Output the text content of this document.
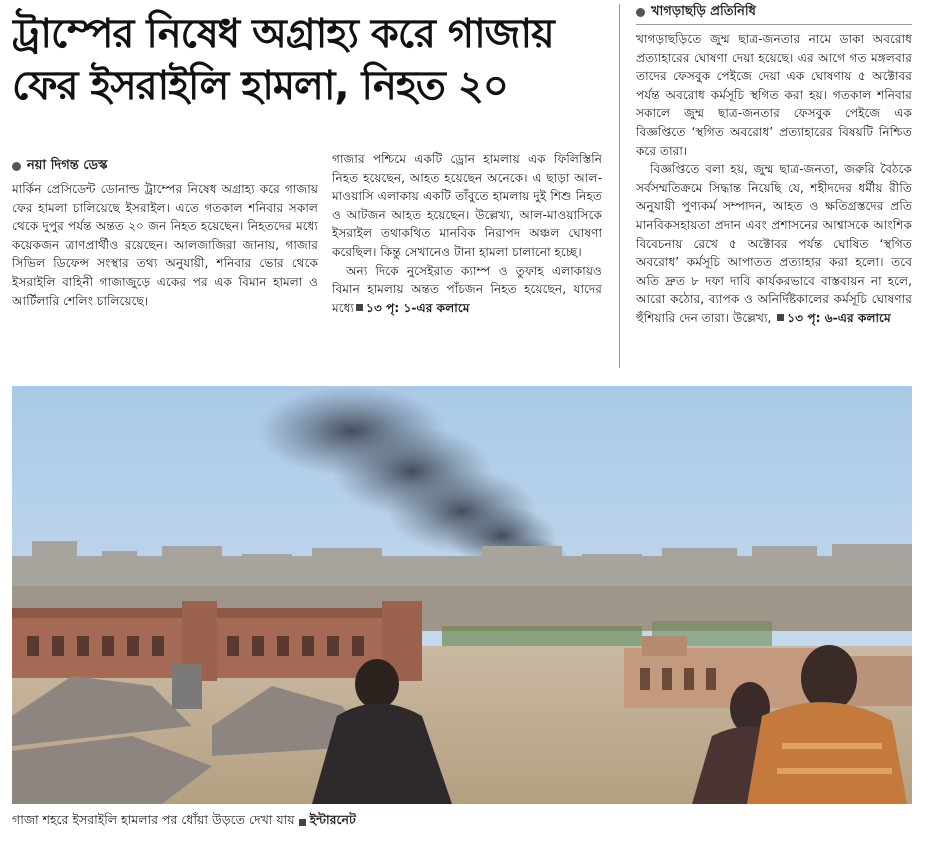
ট্রাম্পের নিষেধ অগ্রাহ্য করে গাজায়
ফের ইসরাইলি হামলা, নিহত ২০
নয়া দিগন্ত ডেস্ক

মার্কিন প্রেসিডেন্ট ডোনাল্ড ট্রাম্পের নিষেধ অগ্রাহ্য করে গাজায় ফের হামলা চালিয়েছে ইসরাইল। এতে গতকাল শনিবার সকাল থেকে দুপুর পর্যন্ত অন্তত ২০ জন নিহত হয়েছেন। নিহতদের মধ্যে কয়েকজন ত্রাণপ্রার্থীও রয়েছেন। আলজাজিরা জানায়, গাজার সিভিল ডিফেন্স সংস্থার তথ্য অনুযায়ী, শনিবার ভোর থেকে ইসরাইলি বাহিনী গাজাজুড়ে একের পর এক বিমান হামলা ও আর্টিলারি শেলিং চালিয়েছে।

গাজার পশ্চিমে একটি ড্রোন হামলায় এক ফিলিস্তিনি নিহত হয়েছেন, আহত হয়েছেন অনেকে। এ ছাড়া আল-মাওয়াসি এলাকায় একটি তাঁবুতে হামলায় দুই শিশু নিহত ও আটজন আহত হয়েছেন। উল্লেখ্য, আল-মাওয়াসিকে ইসরাইল তথাকথিত মানবিক নিরাপদ অঞ্চল ঘোষণা করেছিল। কিন্তু সেখানেও টানা হামলা চালানো হচ্ছে।

অন্য দিকে নুসেইরাত ক্যাম্প ও তুফাহ এলাকায়ও বিমান হামলায় অন্তত পাঁচজন নিহত হয়েছেন, যাদের মধ্যে ১৩ পৃ: ১-এর কলামে

খাগড়াছড়ি প্রতিনিধি

খাগড়াছড়িতে জুম্ম ছাত্র-জনতার নামে ডাকা অবরোধ প্রত্যাহারের ঘোষণা দেয়া হয়েছে। এর আগে গত মঙ্গলবার তাদের ফেসবুক পেইজে দেয়া এক ঘোষণায় ৫ অক্টোবর পর্যন্ত অবরোধ কর্মসূচি স্থগিত করা হয়। গতকাল শনিবার সকালে জুম্ম ছাত্র-জনতার ফেসবুক পেইজে এক বিজ্ঞপ্তিতে ‘স্থগিত অবরোধ’ প্রত্যাহারের বিষয়টি নিশ্চিত করে তারা।

বিজ্ঞপ্তিতে বলা হয়, জুম্ম ছাত্র-জনতা, জরুরি বৈঠকে সর্বসম্মতিক্রমে সিদ্ধান্ত নিয়েছি যে, শহীদদের ধর্মীয় রীতি অনুযায়ী পুণ্যকর্ম সম্পাদন, আহত ও ক্ষতিগ্রস্তদের প্রতি মানবিকসহায়তা প্রদান এবং প্রশাসনের আশ্বাসকে আংশিক বিবেচনায় রেখে ৫ অক্টোবর পর্যন্ত ঘোষিত ‘স্থগিত অবরোধ’ কর্মসূচি আপাতত প্রত্যাহার করা হলো। তবে অতি দ্রুত ৮ দফা দাবি কার্যকরভাবে বাস্তবায়ন না হলে, আরো কঠোর, ব্যাপক ও অনির্দিষ্টকালের কর্মসূচি ঘোষণার হুঁশিয়ারি দেন তারা। উল্লেখ্য, ১৩ পৃ: ৬-এর কলামে

গাজা শহরে ইসরাইলি হামলার পর ধোঁয়া উড়তে দেখা যায় ইন্টারনেট
